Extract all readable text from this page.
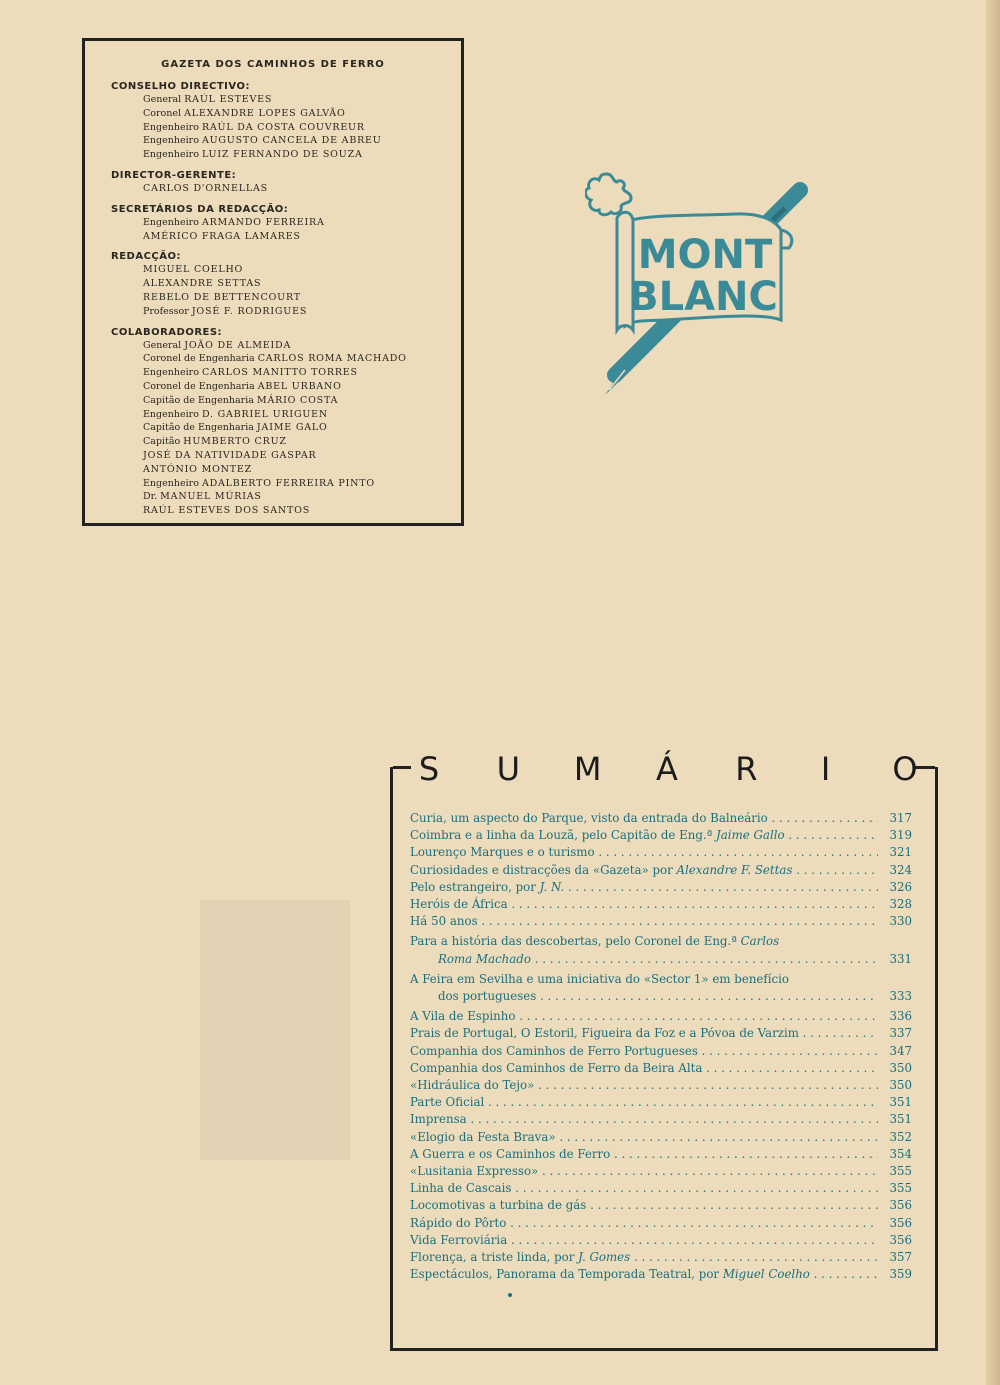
GAZETA DOS CAMINHOS DE FERRO
CONSELHO DIRECTIVO:
General RAÚL ESTEVES
Coronel ALEXANDRE LOPES GALVÃO
Engenheiro RAÚL DA COSTA COUVREUR
Engenheiro AUGUSTO CANCELA DE ABREU
Engenheiro LUIZ FERNANDO DE SOUZA
DIRECTOR-GERENTE:
CARLOS D'ORNELLAS
SECRETÁRIOS DA REDACÇÃO:
Engenheiro ARMANDO FERREIRA
AMÉRICO FRAGA LAMARES
REDACÇÃO:
MIGUEL COELHO
ALEXANDRE SETTAS
REBELO DE BETTENCOURT
Professor JOSÉ F. RODRIGUES
COLABORADORES:
General JOÃO DE ALMEIDA
Coronel de Engenharia CARLOS ROMA MACHADO
Engenheiro CARLOS MANITTO TORRES
Coronel de Engenharia ABEL URBANO
Capitão de Engenharia MÁRIO COSTA
Engenheiro D. GABRIEL URIGUEN
Capitão de Engenharia JAIME GALO
Capitão HUMBERTO CRUZ
JOSÉ DA NATIVIDADE GASPAR
ANTÓNIO MONTEZ
Engenheiro ADALBERTO FERREIRA PINTO
Dr. MANUEL MÚRIAS
RAÚL ESTEVES DOS SANTOS
MONT
BLANC
S U M Á R	I	O
Curia, um aspecto do Parque, visto da entrada do Balneário . . .	317
Coimbra e a linha da Louzã, pelo Capitão de Eng.ª Jaime Gallo . . .	319
Lourenço Marques e o turismo . . .	321
Curiosidades e distracções da «Gazeta» por Alexandre F. Settas . . .	324
Pelo estrangeiro, por J. N. . . .	326
Heróis de África . . .	328
Há 50 anos . . .	330
Para a história das descobertas, pelo Coronel de Eng.ª Carlos
Roma Machado . . .	331
A Feira em Sevilha e uma iniciativa do «Sector 1» em benefício
dos portugueses . . .	333
A Vila de Espinho . . .	336
Prais de Portugal, O Estoril, Figueira da Foz e a Póvoa de Varzim . . .	337
Companhia dos Caminhos de Ferro Portugueses . . .	347
Companhia dos Caminhos de Ferro da Beira Alta . . .	350
«Hidráulica do Tejo» . . .	350
Parte Oficial . . .	351
Imprensa . . .	351
«Elogio da Festa Brava» . . .	352
A Guerra e os Caminhos de Ferro . . .	354
«Lusitania Expresso» . . .	355
Linha de Cascais . . .	355
Locomotivas a turbina de gás . . .	356
Rápido do Pôrto . . .	356
Vida Ferroviária . . .	356
Florença, a triste linda, por J. Gomes . . .	357
Espectáculos, Panorama da Temporada Teatral, por Miguel Coelho . . .	359
